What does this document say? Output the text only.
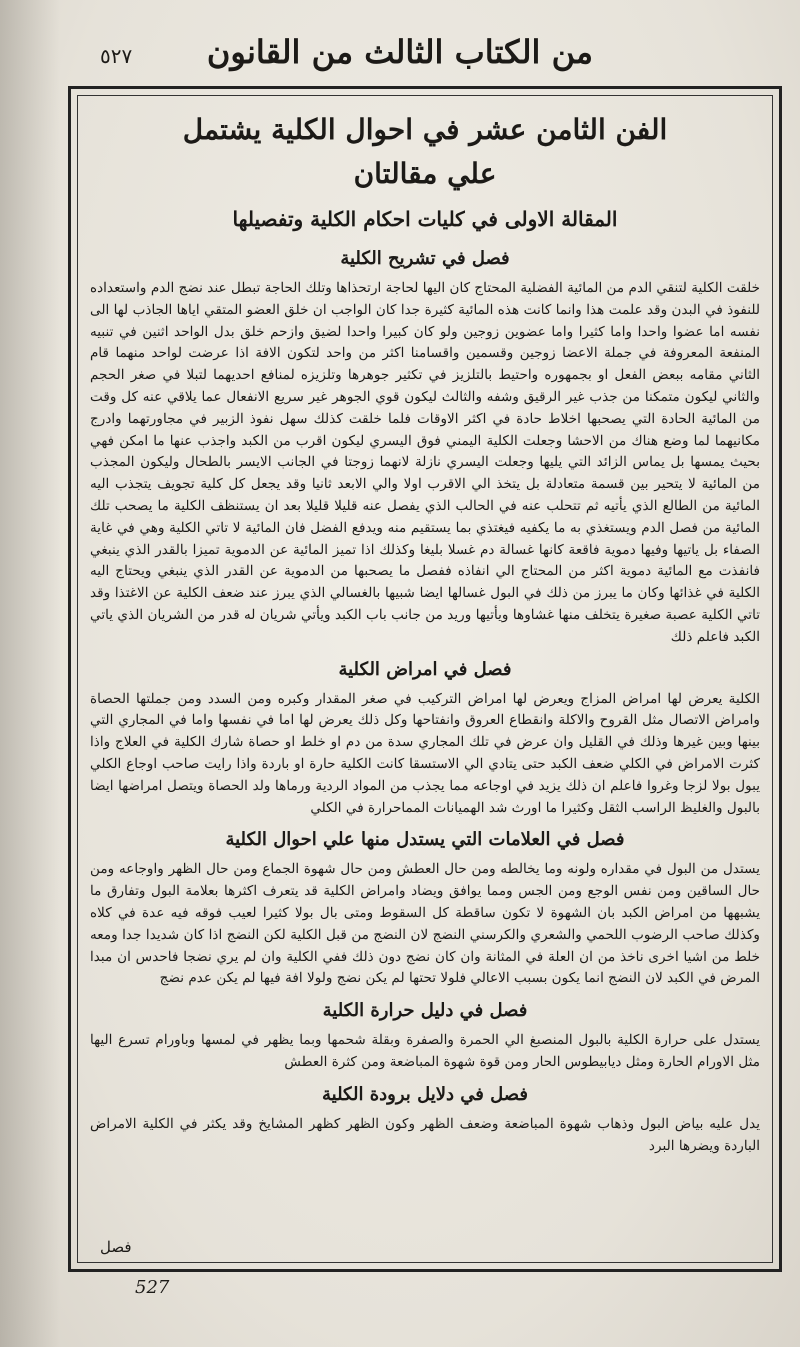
٥٢٧ من الكتاب الثالث من القانون
الفن الثامن عشر في احوال الكلية يشتمل
علي مقالتان
المقالة الاولى في كليات احكام الكلية وتفصيلها
فصل في تشريح الكلية

خلقت الكلية لتنقي الدم من المائية الفضلية المحتاج كان اليها لحاجة ارتحذاها وتلك الحاجة تبطل عند نضج الدم واستعداده للنفوذ في البدن وقد علمت هذا وانما كانت هذه المائية كثيرة جدا كان الواجب ان خلق العضو المتقي اياها الجاذب لها الى نفسه اما عضوا واحدا واما كثيرا واما عضوين زوجين ولو كان كبيرا واحدا لضيق وازحم خلق بدل الواحد اثنين في تنبيه المنفعة المعروفة في جملة الاعضا زوجين وقسمين واقسامنا اكثر من واحد لتكون الافة اذا عرضت لواحد منهما قام الثاني مقامه ببعض الفعل او بجمهوره واحتيط بالتلزيز في تكثير جوهرها وتلزيزه لمنافع احديهما لتبلا في صغر الحجم والثاني ليكون متمكنا من جذب غير الرقيق وشفه والثالث ليكون قوي الجوهر غير سريع الانفعال عما يلاقي عنه كل وقت من المائية الحادة التي يصحبها اخلاط حادة في اكثر الاوقات فلما خلقت كذلك سهل نفوذ الزبير في مجاورتهما وادرج مكانيهما لما وضع هناك من الاحشا وجعلت الكلية اليمني فوق اليسري ليكون اقرب من الكبد واجذب عنها ما امكن فهي بحيث يمسها بل يماس الزائد التي يليها وجعلت اليسري نازلة لانهما زوجتا في الجانب الايسر بالطحال وليكون المجذب من المائية لا يتحير بين قسمة متعادلة بل يتخذ الي الاقرب اولا والي الابعد ثانيا وقد يجعل كل كلية تجويف يتجذب اليه المائية من الطالع الذي يأتيه ثم تتحلب عنه في الحالب الذي يفصل عنه قليلا قليلا بعد ان يستنظف الكلية ما يصحب تلك المائية من فصل الدم ويستغذي به ما يكفيه فيغتذي بما يستقيم منه ويدفع الفضل فان المائية لا تاتي الكلية وهي في غاية الصفاء بل ياتيها وفيها دموية فاقعة كانها غسالة دم غسلا بليغا وكذلك اذا تميز المائية عن الدموية تميزا بالقدر الذي ينبغي فانفذت مع المائية دموية اكثر من المحتاج الي انفاذه ففصل ما يصحبها من الدموية عن القدر الذي ينبغي ويحتاج اليه الكلية في غذائها وكان ما يبرز من ذلك في البول غسالها ايضا شبيها بالغسالي الذي يبرز عند ضعف الكلية عن الاغتذا وقد تاتي الكلية عصبة صغيرة يتخلف منها غشاوها ويأتيها وريد من جانب باب الكبد ويأتي شريان له قدر من الشريان الذي ياتي الكبد فاعلم ذلك

فصل في امراض الكلية

الكلية يعرض لها امراض المزاج ويعرض لها امراض التركيب في صغر المقدار وكبره ومن السدد ومن جملتها الحصاة وامراض الاتصال مثل القروح والاكلة وانقطاع العروق وانفتاحها وكل ذلك يعرض لها اما في نفسها واما في المجاري التي بينها وبين غيرها وذلك في القليل وان عرض في تلك المجاري سدة من دم او خلط او حصاة شارك الكلية في العلاج واذا كثرت الامراض في الكلي ضعف الكبد حتى يتادي الي الاستسقا كانت الكلية حارة او باردة واذا رايت صاحب اوجاع الكلي يبول بولا لزجا وغروا فاعلم ان ذلك يزيد في اوجاعه مما يجذب من المواد الردية ورماها ولد الحصاة ويتصل امراضها ايضا بالبول والغليظ الراسب الثقل وكثيرا ما اورث شد الهميانات المماحرارة في الكلي

فصل في العلامات التي يستدل منها علي احوال الكلية

يستدل من البول في مقداره ولونه وما يخالطه ومن حال العطش ومن حال شهوة الجماع ومن حال الظهر واوجاعه ومن حال الساقين ومن نفس الوجع ومن الجس ومما يوافق ويضاد وامراض الكلية قد يتعرف اكثرها بعلامة البول وتفارق ما يشبهها من امراض الكبد بان الشهوة لا تكون ساقطة كل السقوط ومتى بال بولا كثيرا لعيب فوقه فيه عدة في كلاه وكذلك صاحب الرضوب اللحمي والشعري والكرسني النضج لان النضج من قبل الكلية لكن النضج اذا كان شديدا جدا ومعه خلط من اشيا اخرى ناخذ من ان العلة في المثانة وان كان نضج دون ذلك ففي الكلية وان لم يري نضجا فاحدس ان مبدا المرض في الكبد لان النضج انما يكون بسبب الاعالي فلولا تحتها لم يكن نضج ولولا افة فيها لم يكن عدم نضج

فصل في دليل حرارة الكلية

يستدل على حرارة الكلية بالبول المنصبغ الي الحمرة والصفرة وبقلة شحمها وبما يظهر في لمسها وباورام تسرع اليها مثل الاورام الحارة ومثل ديابيطوس الحار ومن قوة شهوة المباضعة ومن كثرة العطش

فصل في دلايل برودة الكلية

يدل عليه بياض البول وذهاب شهوة المباضعة وضعف الظهر وكون الظهر كظهر المشايخ وقد يكثر في الكلية الامراض الباردة ويضرها البرد

فصل
527
